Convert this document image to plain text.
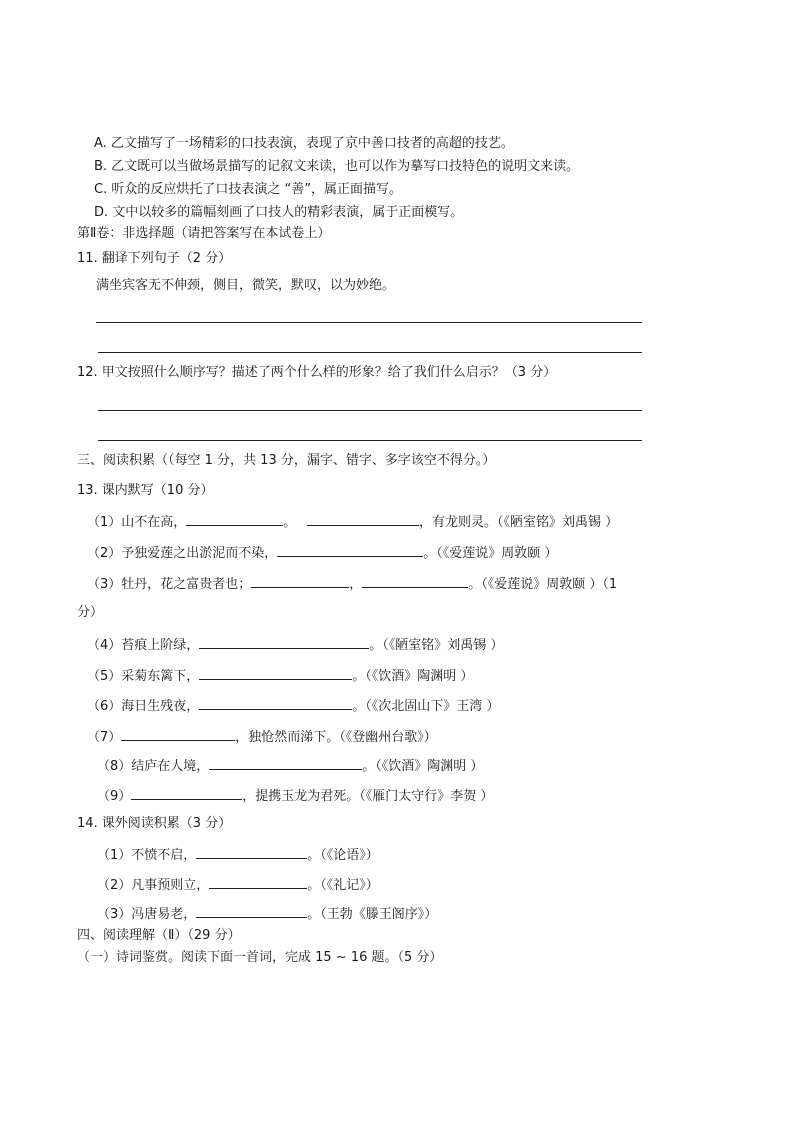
A. 乙文描写了一场精彩的口技表演，表现了京中善口技者的高超的技艺。
B. 乙文既可以当做场景描写的记叙文来读，也可以作为摹写口技特色的说明文来读。
C. 听众的反应烘托了口技表演之 “善”，属正面描写。
D. 文中以较多的篇幅刻画了口技人的精彩表演，属于正面模写。
第Ⅱ卷：非选择题（请把答案写在本试卷上）
11. 翻译下列句子（2 分）
满坐宾客无不伸颈，侧目，微笑，默叹，以为妙绝。
12. 甲文按照什么顺序写？描述了两个什么样的形象？给了我们什么启示？（3 分）
三、阅读积累（（每空 1 分，共 13 分，漏字、错字、多字该空不得分。）
13. 课内默写（10 分）
（1）山不在高，	。	，有龙则灵。（《陋室铭》刘禹锡 ）
（2）予独爱莲之出淤泥而不染，	。（《爱莲说》周敦颐 ）
（3）牡丹，花之富贵者也；	，	。（《爱莲说》周敦颐 ）（1
分）
（4）苔痕上阶绿，	。（《陋室铭》刘禹锡 ）
（5）采菊东篱下，	。（《饮酒》陶渊明 ）
（6）海日生残夜，	。（《次北固山下》王湾 ）
（7）	，独怆然而涕下。（《登幽州台歌》）
（8）结庐在人境，	。（《饮酒》陶渊明 ）
（9）	，提携玉龙为君死。（《雁门太守行》李贺 ）
14. 课外阅读积累（3 分）
（1）不愤不启，	。（《论语》）
（2）凡事预则立，	。（《礼记》）
（3）冯唐易老，	。（王勃《滕王阁序》）
四、阅读理解（Ⅱ）（29 分）
（一）诗词鉴赏。阅读下面一首词，完成 15 ~ 16 题。（5 分）
